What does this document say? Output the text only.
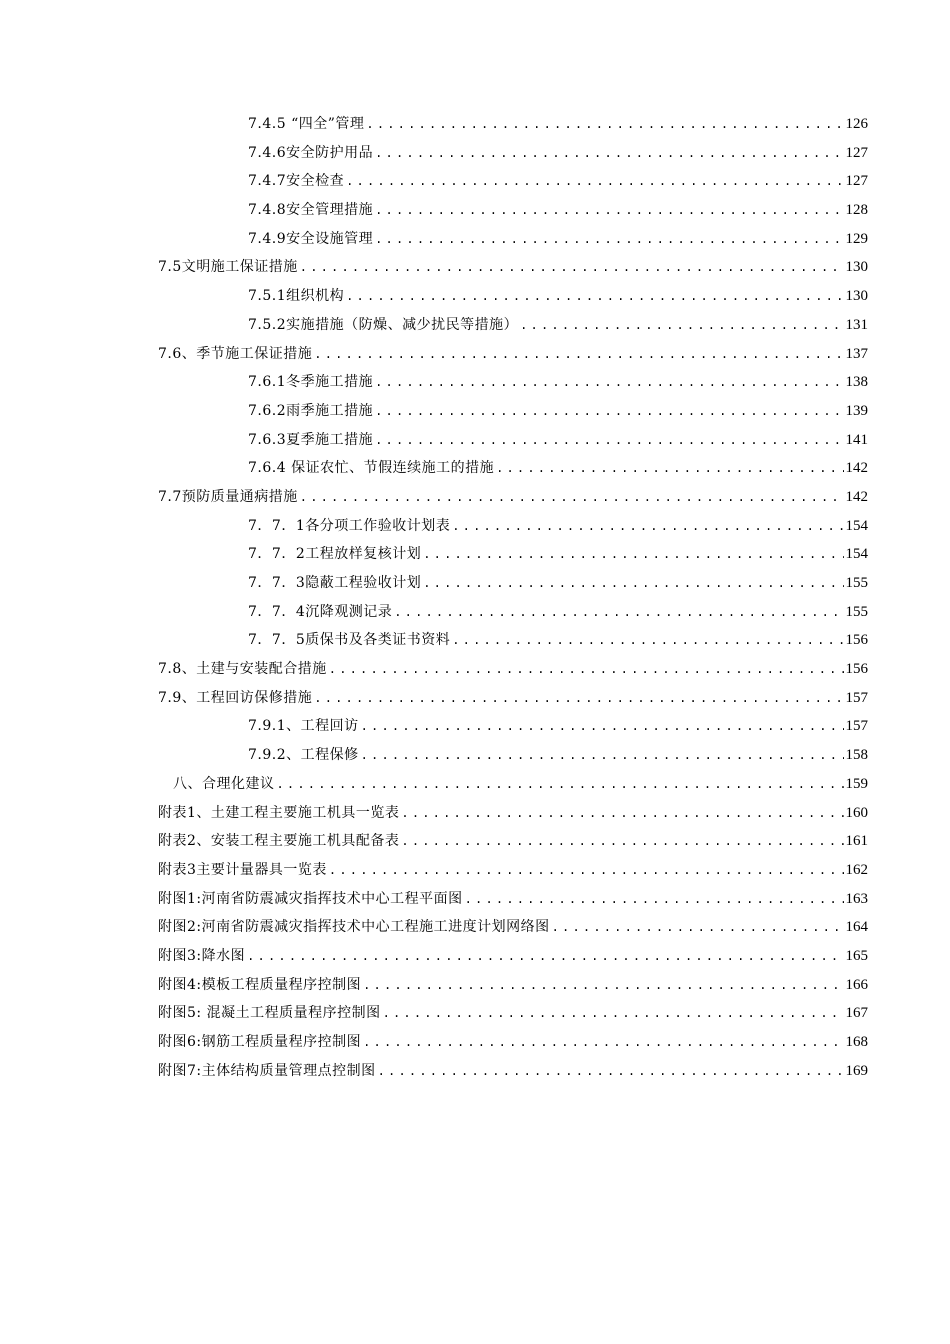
7.4.5 “四全”管理 .....	126
7.4.6安全防护用品 .....	127
7.4.7安全检查 .....	127
7.4.8安全管理措施 .....	128
7.4.9安全设施管理 .....	129
7.5文明施工保证措施 .....	130
7.5.1组织机构 .....	130
7.5.2实施措施（防燥、减少扰民等措施） .....	131
7.6、季节施工保证措施 .....	137
7.6.1冬季施工措施 .....	138
7.6.2雨季施工措施 .....	139
7.6.3夏季施工措施 .....	141
7.6.4 保证农忙、节假连续施工的措施 .....	142
7.7预防质量通病措施 .....	142
7．7．1各分项工作验收计划表 .....	154
7．7．2工程放样复核计划 .....	154
7．7．3隐蔽工程验收计划 .....	155
7．7．4沉降观测记录 .....	155
7．7．5质保书及各类证书资料 .....	156
7.8、土建与安装配合措施 .....	156
7.9、工程回访保修措施 .....	157
7.9.1、工程回访 .....	157
7.9.2、工程保修 .....	158
八、合理化建议 .....	159
附表1、土建工程主要施工机具一览表 .....	160
附表2、安装工程主要施工机具配备表 .....	161
附表3主要计量器具一览表 .....	162
附图1:河南省防震减灾指挥技术中心工程平面图 .....	163
附图2:河南省防震减灾指挥技术中心工程施工进度计划网络图 .....	164
附图3:降水图 .....	165
附图4:模板工程质量程序控制图 .....	166
附图5: 混凝土工程质量程序控制图 .....	167
附图6:钢筋工程质量程序控制图 .....	168
附图7:主体结构质量管理点控制图 .....	169
